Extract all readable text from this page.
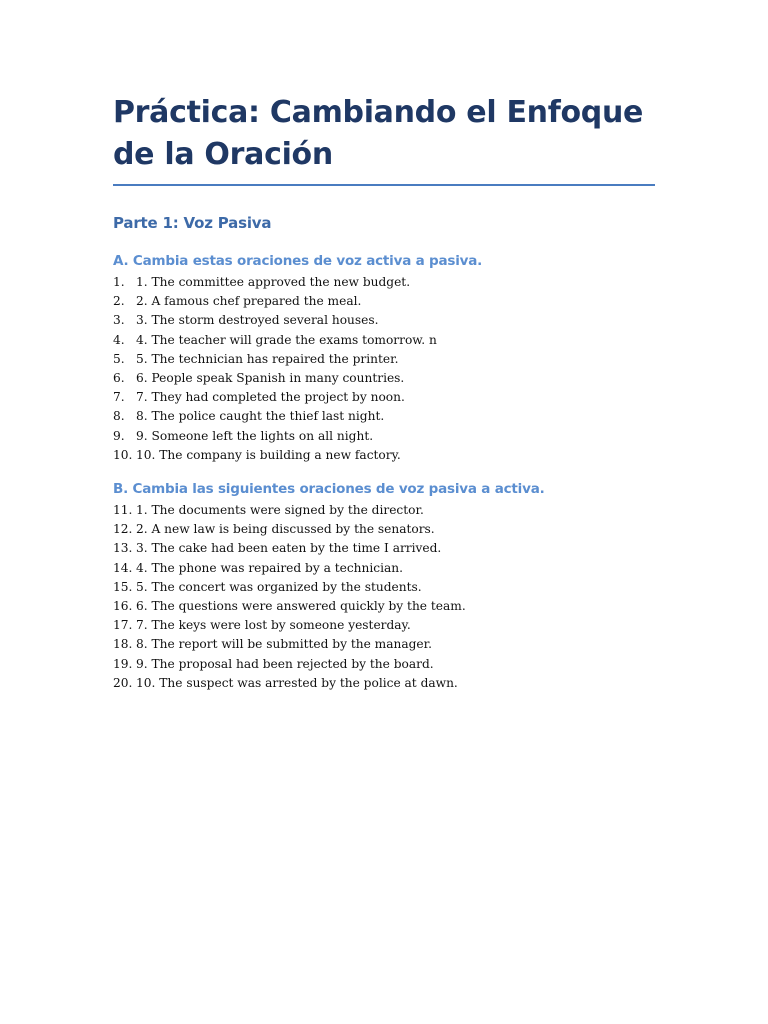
Práctica: Cambiando el Enfoque de la Oración
Parte 1: Voz Pasiva
A. Cambia estas oraciones de voz activa a pasiva.
1. 1. The committee approved the new budget.
2. 2. A famous chef prepared the meal.
3. 3. The storm destroyed several houses.
4. 4. The teacher will grade the exams tomorrow. n
5. 5. The technician has repaired the printer.
6. 6. People speak Spanish in many countries.
7. 7. They had completed the project by noon.
8. 8. The police caught the thief last night.
9. 9. Someone left the lights on all night.
10. 10. The company is building a new factory.
B. Cambia las siguientes oraciones de voz pasiva a activa.
11. 1. The documents were signed by the director.
12. 2. A new law is being discussed by the senators.
13. 3. The cake had been eaten by the time I arrived.
14. 4. The phone was repaired by a technician.
15. 5. The concert was organized by the students.
16. 6. The questions were answered quickly by the team.
17. 7. The keys were lost by someone yesterday.
18. 8. The report will be submitted by the manager.
19. 9. The proposal had been rejected by the board.
20. 10. The suspect was arrested by the police at dawn.
